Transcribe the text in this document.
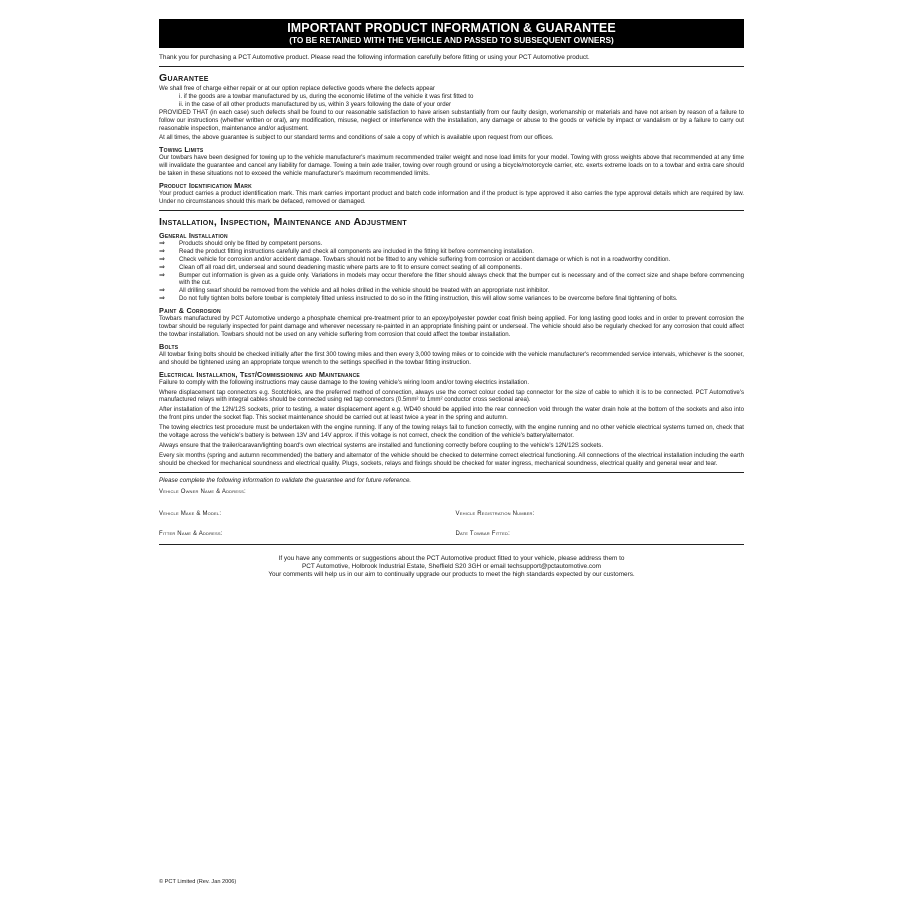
IMPORTANT PRODUCT INFORMATION & GUARANTEE
(TO BE RETAINED WITH THE VEHICLE AND PASSED TO SUBSEQUENT OWNERS)
Thank you for purchasing a PCT Automotive product. Please read the following information carefully before fitting or using your PCT Automotive product.
Guarantee

We shall free of charge either repair or at our option replace defective goods where the defects appear

i. if the goods are a towbar manufactured by us, during the economic lifetime of the vehicle it was first fitted to

ii. in the case of all other products manufactured by us, within 3 years following the date of your order

PROVIDED THAT (in each case) such defects shall be found to our reasonable satisfaction to have arisen substantially from our faulty design, workmanship or materials and have not arisen by reason of a failure to follow our instructions (whether written or oral), any modification, misuse, neglect or interference with the installation, any damage or abuse to the goods or vehicle by impact or vandalism or by a failure to carry out reasonable inspection, maintenance and/or adjustment.

At all times, the above guarantee is subject to our standard terms and conditions of sale a copy of which is available upon request from our offices.

Towing Limits

Our towbars have been designed for towing up to the vehicle manufacturer's maximum recommended trailer weight and nose load limits for your model. Towing with gross weights above that recommended at any time will invalidate the guarantee and cancel any liability for damage. Towing a twin axle trailer, towing over rough ground or using a bicycle/motorcycle carrier, etc. exerts extreme loads on to a towbar and extra care should be taken in these situations not to exceed the vehicle manufacturer's maximum recommended limits.

Product Identification Mark

Your product carries a product identification mark. This mark carries important product and batch code information and if the product is type approved it also carries the type approval details which are required by law. Under no circumstances should this mark be defaced, removed or damaged.

Installation, Inspection, Maintenance and Adjustment
General Installation
⇒	Products should only be fitted by competent persons.
⇒	Read the product fitting instructions carefully and check all components are included in the fitting kit before commencing installation.
⇒	Check vehicle for corrosion and/or accident damage. Towbars should not be fitted to any vehicle suffering from corrosion or accident damage or which is not in a roadworthy condition.
⇒	Clean off all road dirt, underseal and sound deadening mastic where parts are to fit to ensure correct seating of all components.
⇒	Bumper cut information is given as a guide only. Variations in models may occur therefore the fitter should always check that the bumper cut is necessary and of the correct size and shape before commencing with the cut.
⇒	All drilling swarf should be removed from the vehicle and all holes drilled in the vehicle should be treated with an appropriate rust inhibitor.
⇒	Do not fully tighten bolts before towbar is completely fitted unless instructed to do so in the fitting instruction, this will allow some variances to be overcome before final tightening of bolts.
Paint & Corrosion

Towbars manufactured by PCT Automotive undergo a phosphate chemical pre-treatment prior to an epoxy/polyester powder coat finish being applied. For long lasting good looks and in order to prevent corrosion the towbar should be regularly inspected for paint damage and wherever necessary re-painted in an appropriate finishing paint or underseal. The vehicle should also be regularly checked for any corrosion that could affect the towbar installation. Towbars should not be used on any vehicle suffering from corrosion that could affect the towbar installation.

Bolts

All towbar fixing bolts should be checked initially after the first 300 towing miles and then every 3,000 towing miles or to coincide with the vehicle manufacturer's recommended service intervals, whichever is the sooner, and should be tightened using an appropriate torque wrench to the settings specified in the towbar fitting instruction.

Electrical Installation, Test/Commissioning and Maintenance

Failure to comply with the following instructions may cause damage to the towing vehicle's wiring loom and/or towing electrics installation.

Where displacement tap connectors e.g. Scotchloks, are the preferred method of connection, always use the correct colour coded tap connector for the size of cable to which it is to be connected. PCT Automotive's manufactured relays with integral cables should be connected using red tap connectors (0.5mm² to 1mm² conductor cross sectional area).

After installation of the 12N/12S sockets, prior to testing, a water displacement agent e.g. WD40 should be applied into the rear connection void through the water drain hole at the bottom of the sockets and also into the front pins under the socket flap. This socket maintenance should be carried out at least twice a year in the spring and autumn.

The towing electrics test procedure must be undertaken with the engine running. If any of the towing relays fail to function correctly, with the engine running and no other vehicle electrical systems turned on, check that the voltage across the vehicle's battery is between 13V and 14V approx. if this voltage is not correct, check the condition of the vehicle's battery/alternator.

Always ensure that the trailer/caravan/lighting board's own electrical systems are installed and functioning correctly before coupling to the vehicle's 12N/12S sockets.

Every six months (spring and autumn recommended) the battery and alternator of the vehicle should be checked to determine correct electrical functioning. All connections of the electrical installation including the earth should be checked for mechanical soundness and electrical quality. Plugs, sockets, relays and fixings should be checked for water ingress, mechanical soundness, electrical quality and general wear and tear.

Please complete the following information to validate the guarantee and for future reference.
Vehicle Owner Name & Address:
Vehicle Make & Model:	Vehicle Registration Number:
Fitter Name & Address:	Date Towbar Fitted:
If you have any comments or suggestions about the PCT Automotive product fitted to your vehicle, please address them to
PCT Automotive, Holbrook Industrial Estate, Sheffield S20 3GH or email techsupport@pctautomotive.com
Your comments will help us in our aim to continually upgrade our products to meet the high standards expected by our customers.
© PCT Limited (Rev. Jan 2006)
